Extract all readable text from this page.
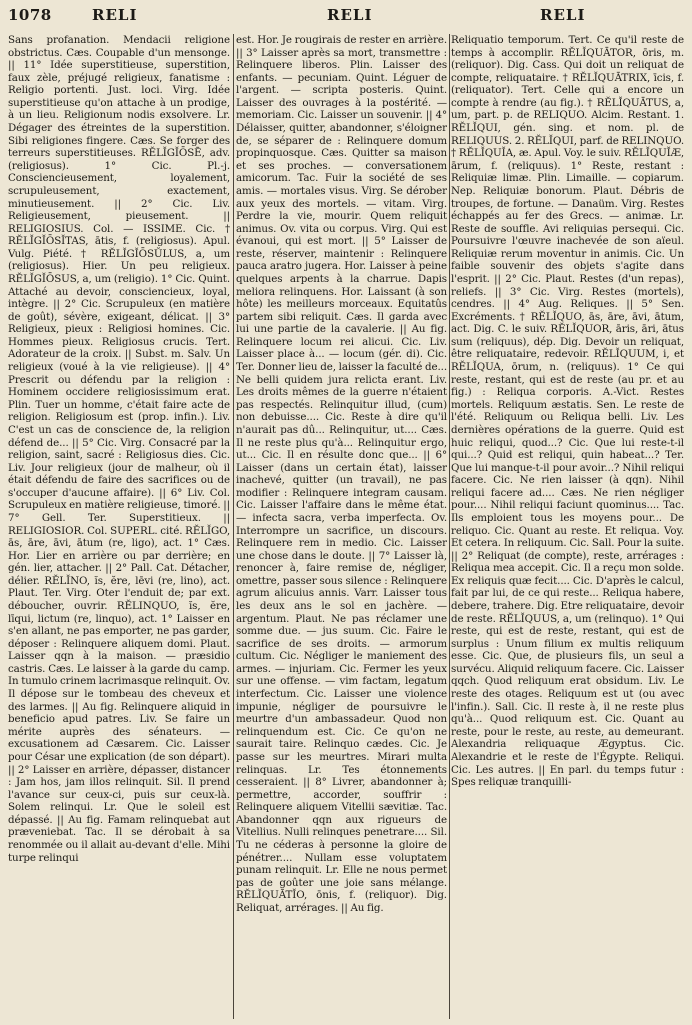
1078	RELI	RELI	RELI

Sans profanation. Mendacii religione obstrictus. Cæs. Coupable d'un mensonge. || 11° Idée superstitieuse, superstition, faux zèle, préjugé religieux, fanatisme : Religio portenti. Just. loci. Virg. Idée superstitieuse qu'on attache à un prodige, à un lieu. Religionum nodis exsolvere. Lr. Dégager des étreintes de la superstition. Sibi religiones fingere. Cæs. Se forger des terreurs superstitieuses. RĔLĬGĬŌSĒ, adv. (religiosus). 1° Cic. Pl.-j. Consciencieusement, loyalement, scrupuleusement, exactement, minutieusement. || 2° Cic. Liv. Religieusement, pieusement. || RELIGIOSIUS. Col. — ISSIME. Cic. † RĔLĬGĬŌSĬTAS, ātis, f. (religiosus). Apul. Vulg. Piété. † RĔLĬGĬŌSŬLUS, a, um (religiosus). Hier. Un peu religieux. RĔLĬGĬŌSUS, a, um (religio). 1° Cic. Quint. Attaché au devoir, consciencieux, loyal, intègre. || 2° Cic. Scrupuleux (en matière de goût), sévère, exigeant, délicat. || 3° Religieux, pieux : Religiosi homines. Cic. Hommes pieux. Religiosus crucis. Tert. Adorateur de la croix. || Subst. m. Salv. Un religieux (voué à la vie religieuse). || 4° Prescrit ou défendu par la religion : Hominem occidere religiosissimum erat. Plin. Tuer un homme, c'était faire acte de religion. Religiosum est (prop. infin.). Liv. C'est un cas de conscience de, la religion défend de... || 5° Cic. Virg. Consacré par la religion, saint, sacré : Religiosus dies. Cic. Liv. Jour religieux (jour de malheur, où il était défendu de faire des sacrifices ou de s'occuper d'aucune affaire). || 6° Liv. Col. Scrupuleux en matière religieuse, timoré. || 7° Gell. Ter. Superstitieux. || RELIGIOSIOR. Col. SUPERL. cité. RĔLĬGO, ās, āre, āvi, ātum (re, ligo), act. 1° Cæs. Hor. Lier en arrière ou par derrière; en gén. lier, attacher. || 2° Pall. Cat. Détacher, délier. RĔLĬNO, ĭs, ĕre, lēvi (re, lino), act. Plaut. Ter. Virg. Oter l'enduit de; par ext. déboucher, ouvrir. RĔLINQUO, ĭs, ĕre, līqui, lictum (re, linquo), act. 1° Laisser en s'en allant, ne pas emporter, ne pas garder, déposer : Relinquere aliquem domi. Plaut. Laisser qqn à la maison. — præsidio castris. Cæs. Le laisser à la garde du camp. In tumulo crinem lacrimasque relinquit. Ov. Il dépose sur le tombeau des cheveux et des larmes. || Au fig. Relinquere aliquid in beneficio apud patres. Liv. Se faire un mérite auprès des sénateurs. — excusationem ad Cæsarem. Cic. Laisser pour César une explication (de son départ). || 2° Laisser en arrière, dépasser, distancer : Jam hos, jam illos relinquit. Sil. Il prend l'avance sur ceux-ci, puis sur ceux-là. Solem relinqui. Lr. Que le soleil est dépassé. || Au fig. Famam relinquebat aut præveniebat. Tac. Il se dérobait à sa renommée ou il allait au-devant d'elle. Mihi turpe relinqui

est. Hor. Je rougirais de rester en arrière. || 3° Laisser après sa mort, transmettre : Relinquere liberos. Plin. Laisser des enfants. — pecuniam. Quint. Léguer de l'argent. — scripta posteris. Quint. Laisser des ouvrages à la postérité. — memoriam. Cic. Laisser un souvenir. || 4° Délaisser, quitter, abandonner, s'éloigner de, se séparer de : Relinquere domum propinquosque. Cæs. Quitter sa maison et ses proches. — conversationem amicorum. Tac. Fuir la société de ses amis. — mortales visus. Virg. Se dérober aux yeux des mortels. — vitam. Virg. Perdre la vie, mourir. Quem reliquit animus. Ov. vita ou corpus. Virg. Qui est évanoui, qui est mort. || 5° Laisser de reste, réserver, maintenir : Relinquere pauca aratro jugera. Hor. Laisser à peine quelques arpents à la charrue. Dapis meliora relinquens. Hor. Laissant (à son hôte) les meilleurs morceaux. Equitatûs partem sibi reliquit. Cæs. Il garda avec lui une partie de la cavalerie. || Au fig. Relinquere locum rei alicui. Cic. Liv. Laisser place à... — locum (gér. di). Cic. Ter. Donner lieu de, laisser la faculté de... Ne belli quidem jura relicta erant. Liv. Les droits mêmes de la guerre n'étaient pas respectés. Relinquitur illud, (cum) non debuisse.... Cic. Reste à dire qu'il n'aurait pas dû... Relinquitur, ut.... Cæs. Il ne reste plus qu'à... Relinquitur ergo, ut... Cic. Il en résulte donc que... || 6° Laisser (dans un certain état), laisser inachevé, quitter (un travail), ne pas modifier : Relinquere integram causam. Cic. Laisser l'affaire dans le même état. — infecta sacra, verba imperfecta. Ov. Interrompre un sacrifice, un discours. Relinquere rem in medio. Cic. Laisser une chose dans le doute. || 7° Laisser là, renoncer à, faire remise de, négliger, omettre, passer sous silence : Relinquere agrum alicuius annis. Varr. Laisser tous les deux ans le sol en jachère. — argentum. Plaut. Ne pas réclamer une somme due. — jus suum. Cic. Faire le sacrifice de ses droits. — armorum cultum. Cic. Négliger le maniement des armes. — injuriam. Cic. Fermer les yeux sur une offense. — vim factam, legatum interfectum. Cic. Laisser une violence impunie, négliger de poursuivre le meurtre d'un ambassadeur. Quod non relinquendum est. Cic. Ce qu'on ne saurait taire. Relinquo cædes. Cic. Je passe sur les meurtres. Mirari multa relinquas. Lr. Tes étonnements cesseraient. || 8° Livrer, abandonner à; permettre, accorder, souffrir : Relinquere aliquem Vitellii sævitiæ. Tac. Abandonner qqn aux rigueurs de Vitellius. Nulli relinques penetrare.... Sil. Tu ne céderas à personne la gloire de pénétrer.... Nullam esse voluptatem punam relinquit. Lr. Elle ne nous permet pas de goûter une joie sans mélange. RĔLĬQUĀTĬO, ōnis, f. (reliquor). Dig. Reliquat, arrérages. || Au fig.

Reliquatio temporum. Tert. Ce qu'il reste de temps à accomplir. RĔLĬQUĀTOR, ōris, m. (reliquor). Dig. Cass. Qui doit un reliquat de compte, reliquataire. † RĔLĬQUĀTRIX, īcis, f. (reliquator). Tert. Celle qui a encore un compte à rendre (au fig.). † RĔLĬQUĀTUS, a, um, part. p. de RELIQUO. Alcim. Restant. 1. RĔLĬQUI, gén. sing. et nom. pl. de RELIQUUS. 2. RĔLĬQUI, parf. de RELINQUO. † RĔLĬQUĬA, æ. Apul. Voy. le suiv. RĔLĬQUĬÆ, ārum, f. (reliquus). 1° Reste, restant : Reliquiæ limæ. Plin. Limaille. — copiarum. Nep. Reliquiæ bonorum. Plaut. Débris de troupes, de fortune. — Danaüm. Virg. Restes échappés au fer des Grecs. — animæ. Lr. Reste de souffle. Avi reliquias persequi. Cic. Poursuivre l'œuvre inachevée de son aïeul. Reliquiæ rerum moventur in animis. Cic. Un faible souvenir des objets s'agite dans l'esprit. || 2° Cic. Plaut. Restes (d'un repas), reliefs. || 3° Cic. Virg. Restes (mortels), cendres. || 4° Aug. Reliques. || 5° Sen. Excréments. † RĔLĬQUO, ās, āre, āvi, ātum, act. Dig. C. le suiv. RĔLĬQUOR, āris, āri, ātus sum (reliquus), dép. Dig. Devoir un reliquat, être reliquataire, redevoir. RĔLĬQUUM, i, et RĔLĬQUA, ōrum, n. (reliquus). 1° Ce qui reste, restant, qui est de reste (au pr. et au fig.) : Reliqua corporis. A.-Vict. Restes mortels. Reliquum æstatis. Sen. Le reste de l'été. Reliquum ou Reliqua belli. Liv. Les dernières opérations de la guerre. Quid est huic reliqui, quod...? Cic. Que lui reste-t-il qui...? Quid est reliqui, quin habeat...? Ter. Que lui manque-t-il pour avoir...? Nihil reliqui facere. Cic. Ne rien laisser (à qqn). Nihil reliqui facere ad.... Cæs. Ne rien négliger pour.... Nihil reliqui faciunt quominus.... Tac. Ils emploient tous les moyens pour... De reliquo. Cic. Quant au reste. Et reliqua. Voy. Et cetera. In reliquum. Cic. Sall. Pour la suite. || 2° Reliquat (de compte), reste, arrérages : Reliqua mea accepit. Cic. Il a reçu mon solde. Ex reliquis quæ fecit.... Cic. D'après le calcul, fait par lui, de ce qui reste... Reliqua habere, debere, trahere. Dig. Etre reliquataire, devoir de reste. RĔLĬQUUS, a, um (relinquo). 1° Qui reste, qui est de reste, restant, qui est de surplus : Unum filium ex multis reliquum esse. Cic. Que, de plusieurs fils, un seul a survécu. Aliquid reliquum facere. Cic. Laisser qqch. Quod reliquum erat obsidum. Liv. Le reste des otages. Reliquum est ut (ou avec l'infin.). Sall. Cic. Il reste à, il ne reste plus qu'à... Quod reliquum est. Cic. Quant au reste, pour le reste, au reste, au demeurant. Alexandria reliquaque Ægyptus. Cic. Alexandrie et le reste de l'Égypte. Reliqui. Cic. Les autres. || En parl. du temps futur : Spes reliquæ tranquilli-
